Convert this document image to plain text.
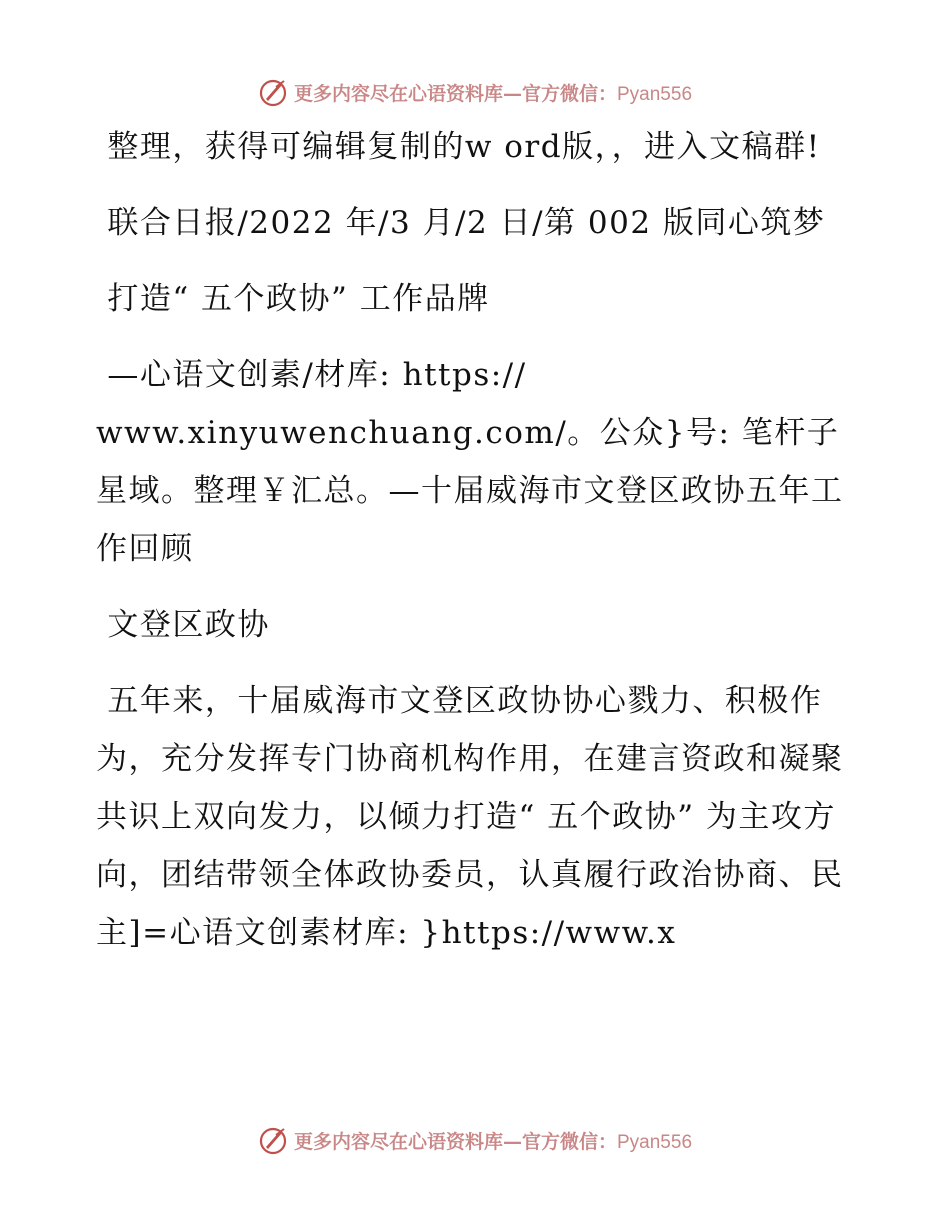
更多内容尽在心语资料库—官方微信：Pyan556

整理，获得可编辑复制的w ord版，，进入文稿群!

联合日报/2022 年/3 月/2 日/第 002 版同心筑梦

打造“ 五个政协” 工作品牌

—心语文创素/材库: https://
www.xinyuwenchuang.com/。公众}号: 笔杆子星域。整理￥汇总。—十届威海市文登区政协五年工作回顾

文登区政协

五年来，十届威海市文登区政协协心戮力、积极作为，充分发挥专门协商机构作用，在建言资政和凝聚共识上双向发力，以倾力打造“ 五个政协” 为主攻方向，团结带领全体政协委员，认真履行政治协商、民主]=心语文创素材库: }https://www.x

更多内容尽在心语资料库—官方微信：Pyan556
